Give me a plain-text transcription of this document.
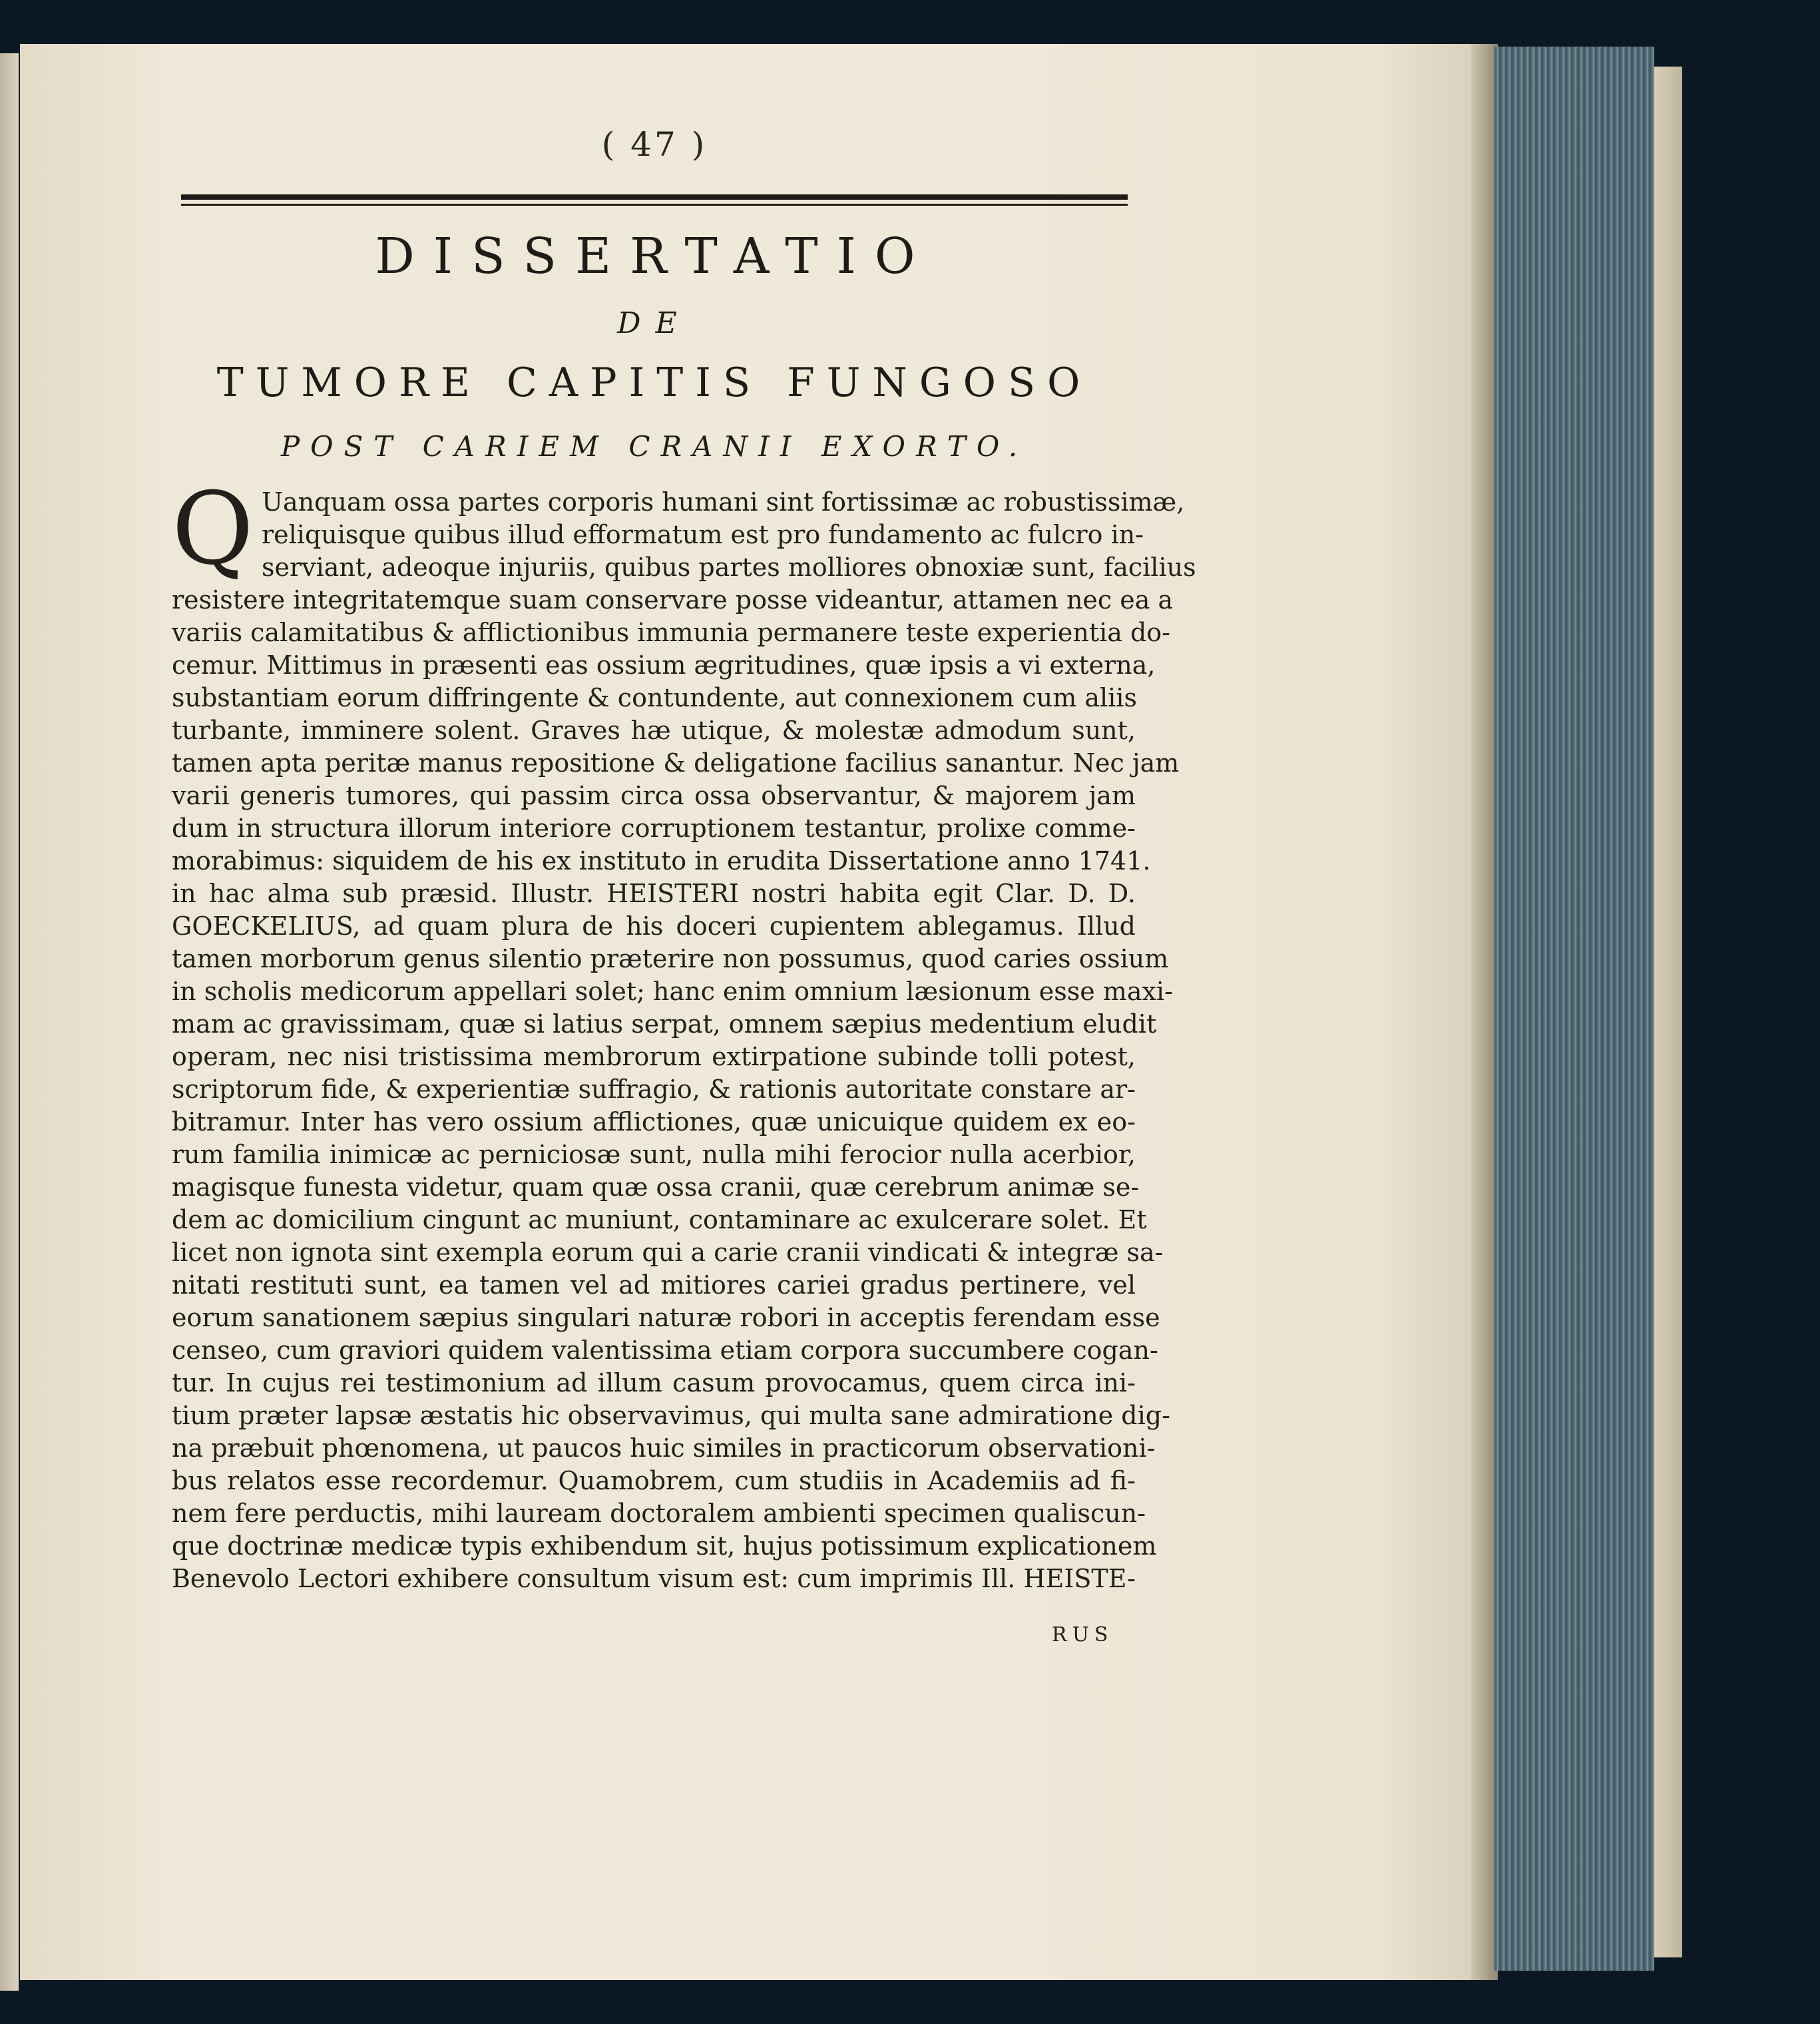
( 47 )
DISSERTATIO
DE
TUMORE CAPITIS FUNGOSO
POST CARIEM CRANII EXORTO.
Q Uanquam ossa partes corporis humani sint fortissimæ ac robustissimæ,
reliquisque quibus illud efformatum est pro fundamento ac fulcro in-
serviant, adeoque injuriis, quibus partes molliores obnoxiæ sunt, facilius
resistere integritatemque suam conservare posse videantur, attamen nec ea a
variis calamitatibus & afflictionibus immunia permanere teste experientia do-
cemur. Mittimus in præsenti eas ossium ægritudines, quæ ipsis a vi externa,
substantiam eorum diffringente & contundente, aut connexionem cum aliis
turbante, imminere solent. Graves hæ utique, & molestæ admodum sunt,
tamen apta peritæ manus repositione & deligatione facilius sanantur. Nec jam
varii generis tumores, qui passim circa ossa observantur, & majorem jam
dum in structura illorum interiore corruptionem testantur, prolixe comme-
morabimus: siquidem de his ex instituto in erudita Dissertatione anno 1741.
in hac alma sub præsid. Illustr. HEISTERI nostri habita egit Clar. D. D.
GOECKELIUS, ad quam plura de his doceri cupientem ablegamus. Illud
tamen morborum genus silentio præterire non possumus, quod caries ossium
in scholis medicorum appellari solet; hanc enim omnium læsionum esse maxi-
mam ac gravissimam, quæ si latius serpat, omnem sæpius medentium eludit
operam, nec nisi tristissima membrorum extirpatione subinde tolli potest,
scriptorum fide, & experientiæ suffragio, & rationis autoritate constare ar-
bitramur. Inter has vero ossium afflictiones, quæ unicuique quidem ex eo-
rum familia inimicæ ac perniciosæ sunt, nulla mihi ferocior nulla acerbior,
magisque funesta videtur, quam quæ ossa cranii, quæ cerebrum animæ se-
dem ac domicilium cingunt ac muniunt, contaminare ac exulcerare solet. Et
licet non ignota sint exempla eorum qui a carie cranii vindicati & integræ sa-
nitati restituti sunt, ea tamen vel ad mitiores cariei gradus pertinere, vel
eorum sanationem sæpius singulari naturæ robori in acceptis ferendam esse
censeo, cum graviori quidem valentissima etiam corpora succumbere cogan-
tur. In cujus rei testimonium ad illum casum provocamus, quem circa ini-
tium præter lapsæ æstatis hic observavimus, qui multa sane admiratione dig-
na præbuit phœnomena, ut paucos huic similes in practicorum observationi-
bus relatos esse recordemur. Quamobrem, cum studiis in Academiis ad fi-
nem fere perductis, mihi lauream doctoralem ambienti specimen qualiscun-
que doctrinæ medicæ typis exhibendum sit, hujus potissimum explicationem
Benevolo Lectori exhibere consultum visum est: cum imprimis Ill. HEISTE-
RUS
